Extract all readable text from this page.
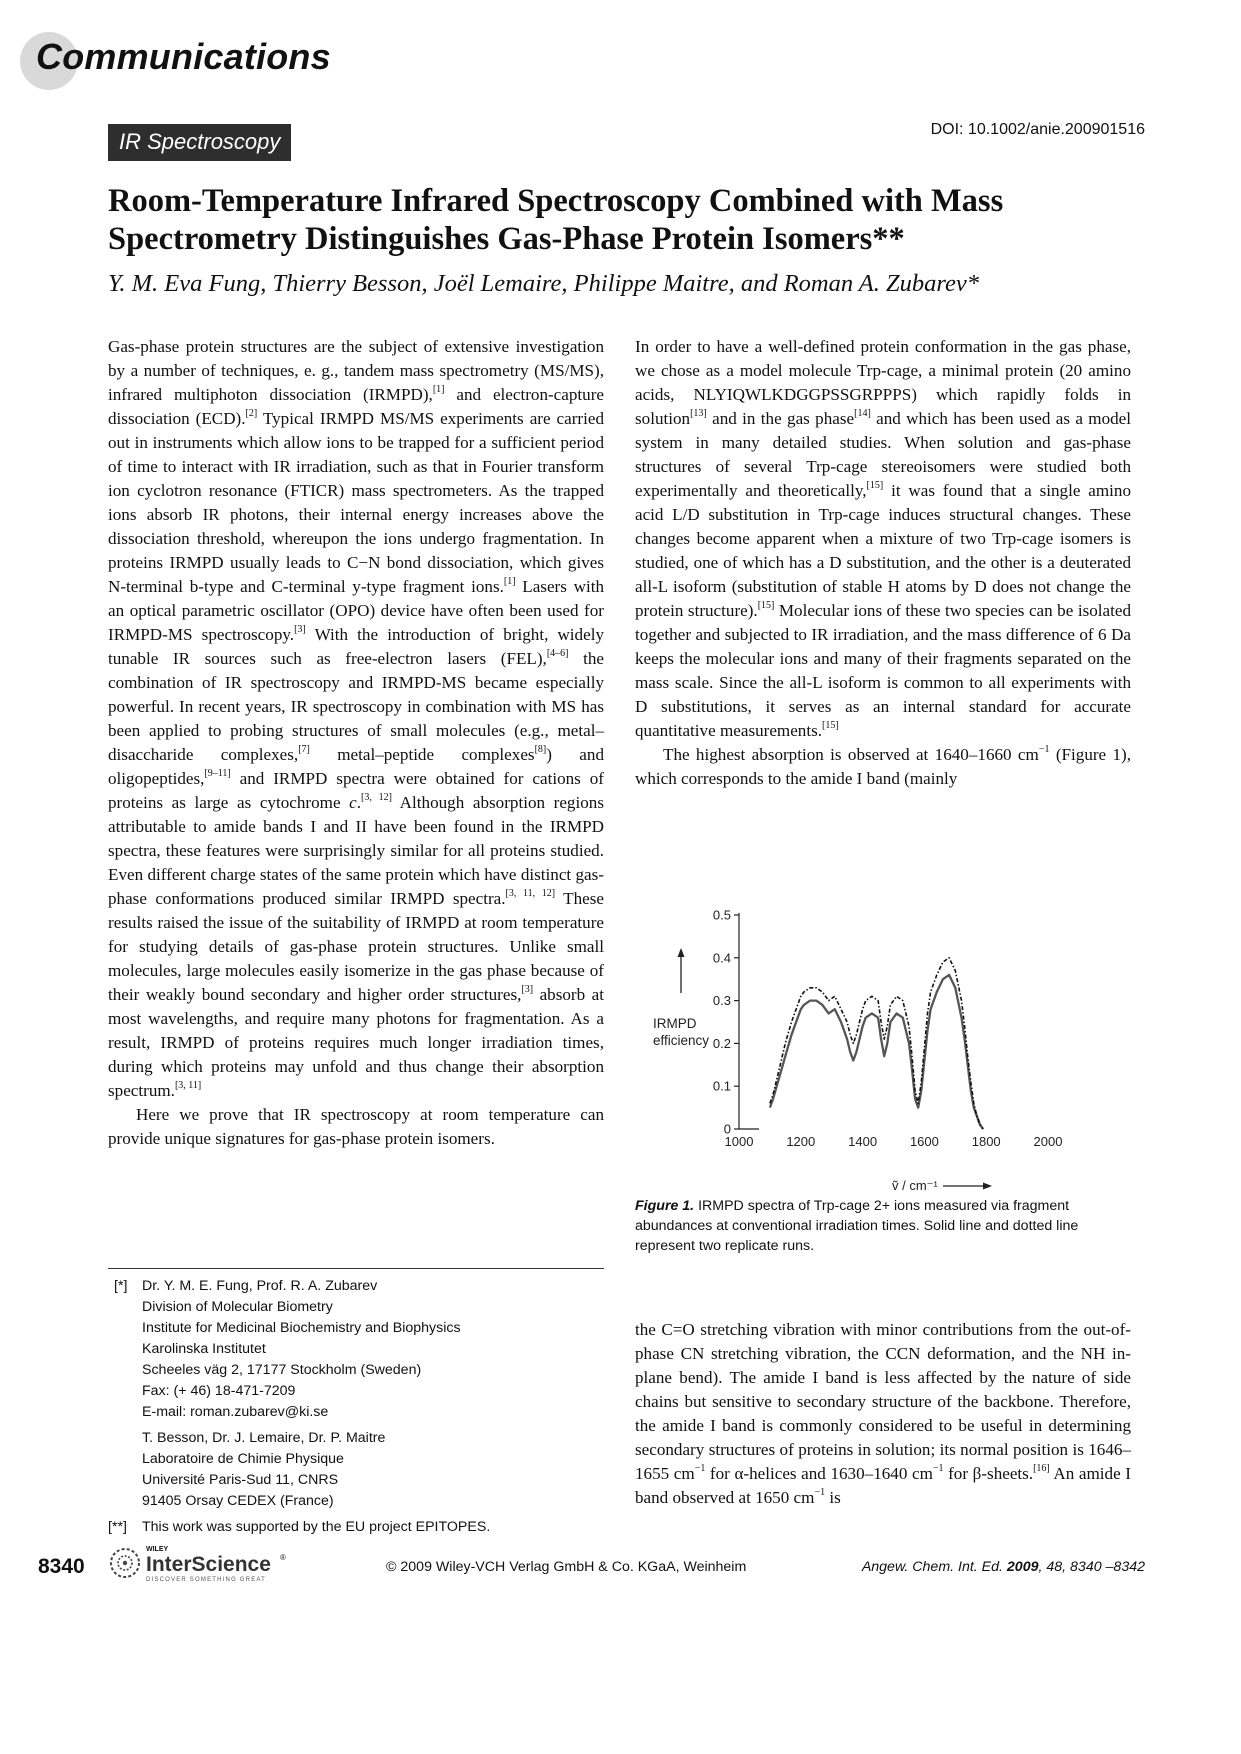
Communications
IR Spectroscopy	DOI: 10.1002/anie.200901516
Room-Temperature Infrared Spectroscopy Combined with Mass
Spectrometry Distinguishes Gas-Phase Protein Isomers**
Y. M. Eva Fung, Thierry Besson, Joël Lemaire, Philippe Maitre, and Roman A. Zubarev*

Gas-phase protein structures are the subject of extensive investigation by a number of techniques, e. g., tandem mass spectrometry (MS/MS), infrared multiphoton dissociation (IRMPD),[1] and electron-capture dissociation (ECD).[2] Typical IRMPD MS/MS experiments are carried out in instruments which allow ions to be trapped for a sufficient period of time to interact with IR irradiation, such as that in Fourier transform ion cyclotron resonance (FTICR) mass spectrometers. As the trapped ions absorb IR photons, their internal energy increases above the dissociation threshold, whereupon the ions undergo fragmentation. In proteins IRMPD usually leads to C−N bond dissociation, which gives N-terminal b-type and C-terminal y-type fragment ions.[1] Lasers with an optical parametric oscillator (OPO) device have often been used for IRMPD-MS spectroscopy.[3] With the introduction of bright, widely tunable IR sources such as free-electron lasers (FEL),[4–6] the combination of IR spectroscopy and IRMPD-MS became especially powerful. In recent years, IR spectroscopy in combination with MS has been applied to probing structures of small molecules (e.g., metal–disaccharide complexes,[7] metal–peptide complexes[8]) and oligopeptides,[9–11] and IRMPD spectra were obtained for cations of proteins as large as cytochrome c.[3, 12] Although absorption regions attributable to amide bands I and II have been found in the IRMPD spectra, these features were surprisingly similar for all proteins studied. Even different charge states of the same protein which have distinct gas-phase conformations produced similar IRMPD spectra.[3, 11, 12] These results raised the issue of the suitability of IRMPD at room temperature for studying details of gas-phase protein structures. Unlike small molecules, large molecules easily isomerize in the gas phase because of their weakly bound secondary and higher order structures,[3] absorb at most wavelengths, and require many photons for fragmentation. As a result, IRMPD of proteins requires much longer irradiation times, during which proteins may unfold and thus change their absorption spectrum.[3, 11]

Here we prove that IR spectroscopy at room temperature can provide unique signatures for gas-phase protein isomers.

In order to have a well-defined protein conformation in the gas phase, we chose as a model molecule Trp-cage, a minimal protein (20 amino acids, NLYIQWLKDGGPSSGRPPPS) which rapidly folds in solution[13] and in the gas phase[14] and which has been used as a model system in many detailed studies. When solution and gas-phase structures of several Trp-cage stereoisomers were studied both experimentally and theoretically,[15] it was found that a single amino acid L/D substitution in Trp-cage induces structural changes. These changes become apparent when a mixture of two Trp-cage isomers is studied, one of which has a D substitution, and the other is a deuterated all-L isoform (substitution of stable H atoms by D does not change the protein structure).[15] Molecular ions of these two species can be isolated together and subjected to IR irradiation, and the mass difference of 6 Da keeps the molecular ions and many of their fragments separated on the mass scale. Since the all-L isoform is common to all experiments with D substitutions, it serves as an internal standard for accurate quantitative measurements.[15]

The highest absorption is observed at 1640–1660 $cm^{-1}$ (Figure 1), which corresponds to the amide I band (mainly

0
0.1
0.2
0.3
0.4
0.5
1000	1200	1400	1600	1800	2000
IRMPD
efficiency
ṽ / cm⁻¹
Figure 1. IRMPD spectra of Trp-cage 2+ ions measured via fragment abundances at conventional irradiation times. Solid line and dotted line represent two replicate runs.

the C=O stretching vibration with minor contributions from the out-of-phase CN stretching vibration, the CCN deformation, and the NH in-plane bend). The amide I band is less affected by the nature of side chains but sensitive to secondary structure of the backbone. Therefore, the amide I band is commonly considered to be useful in determining secondary structures of proteins in solution; its normal position is 1646–1655 $cm^{-1}$ for α-helices and 1630–1640 $cm^{-1}$ for β-sheets.[16] An amide I band observed at 1650 $cm^{-1}$ is

[*] Dr. Y. M. E. Fung, Prof. R. A. Zubarev
Division of Molecular Biometry
Institute for Medicinal Biochemistry and Biophysics
Karolinska Institutet
Scheeles väg 2, 17177 Stockholm (Sweden)
Fax: (+ 46) 18-471-7209
E-mail: roman.zubarev@ki.se
T. Besson, Dr. J. Lemaire, Dr. P. Maitre
Laboratoire de Chimie Physique
Université Paris-Sud 11, CNRS
91405 Orsay CEDEX (France)
[**]	This work was supported by the EU project EPITOPES.
8340
WILEY
InterScience ®
DISCOVER SOMETHING GREAT
© 2009 Wiley-VCH Verlag GmbH & Co. KGaA, Weinheim	Angew. Chem. Int. Ed. 2009, 48, 8340 –8342
